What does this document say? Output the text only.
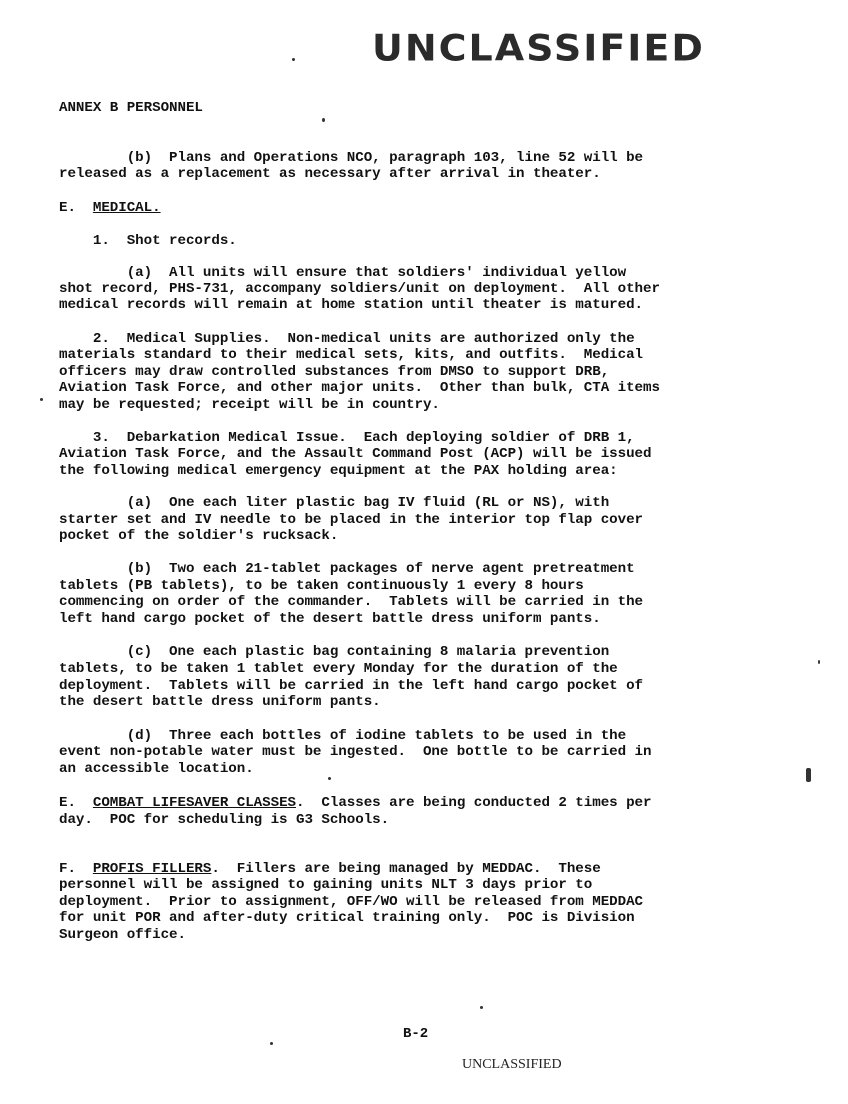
UNCLASSIFIED

ANNEX B PERSONNEL

(b)  Plans and Operations NCO, paragraph 103, line 52 will be

released as a replacement as necessary after arrival in theater.

E.  MEDICAL.

1.  Shot records.

(a)  All units will ensure that soldiers' individual yellow

shot record, PHS-731, accompany soldiers/unit on deployment.  All other

medical records will remain at home station until theater is matured.

2.  Medical Supplies.  Non-medical units are authorized only the

materials standard to their medical sets, kits, and outfits.  Medical

officers may draw controlled substances from DMSO to support DRB,

Aviation Task Force, and other major units.  Other than bulk, CTA items

may be requested; receipt will be in country.

3.  Debarkation Medical Issue.  Each deploying soldier of DRB 1,

Aviation Task Force, and the Assault Command Post (ACP) will be issued

the following medical emergency equipment at the PAX holding area:

(a)  One each liter plastic bag IV fluid (RL or NS), with

starter set and IV needle to be placed in the interior top flap cover

pocket of the soldier's rucksack.

(b)  Two each 21-tablet packages of nerve agent pretreatment

tablets (PB tablets), to be taken continuously 1 every 8 hours

commencing on order of the commander.  Tablets will be carried in the

left hand cargo pocket of the desert battle dress uniform pants.

(c)  One each plastic bag containing 8 malaria prevention

tablets, to be taken 1 tablet every Monday for the duration of the

deployment.  Tablets will be carried in the left hand cargo pocket of

the desert battle dress uniform pants.

(d)  Three each bottles of iodine tablets to be used in the

event non-potable water must be ingested.  One bottle to be carried in

an accessible location.

E.  COMBAT LIFESAVER CLASSES.  Classes are being conducted 2 times per

day.  POC for scheduling is G3 Schools.

F.  PROFIS FILLERS.  Fillers are being managed by MEDDAC.  These

personnel will be assigned to gaining units NLT 3 days prior to

deployment.  Prior to assignment, OFF/WO will be released from MEDDAC

for unit POR and after-duty critical training only.  POC is Division

Surgeon office.

B-2
UNCLASSIFIED
